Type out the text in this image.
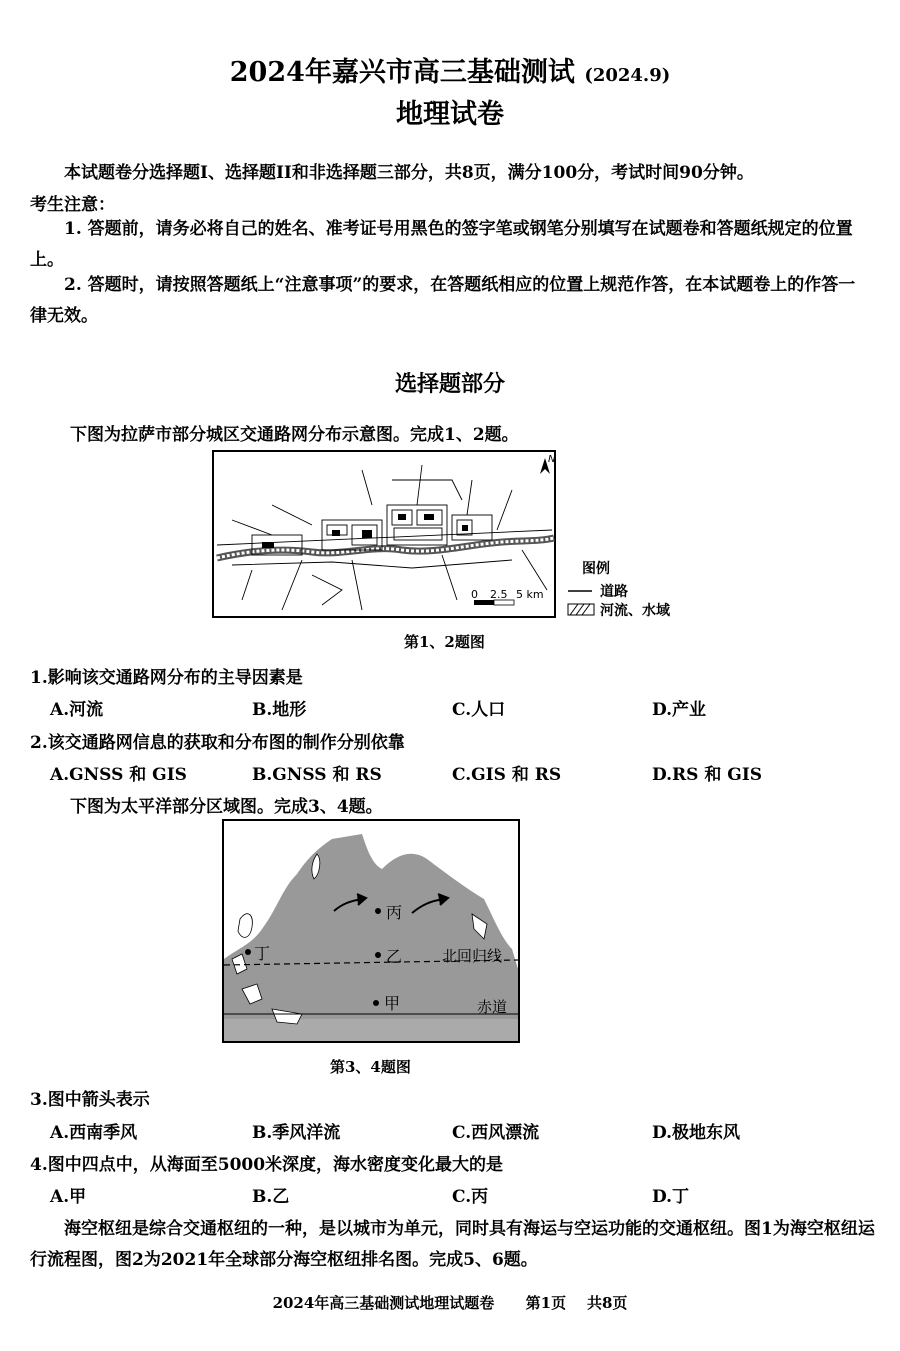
2024年嘉兴市高三基础测试 (2024.9)
地理试卷
本试题卷分选择题I、选择题II和非选择题三部分，共8页，满分100分，考试时间90分钟。
考生注意：
1. 答题前，请务必将自己的姓名、准考证号用黑色的签字笔或钢笔分别填写在试题卷和答题纸规定的位置上。
2. 答题时，请按照答题纸上“注意事项”的要求，在答题纸相应的位置上规范作答，在本试题卷上的作答一律无效。
选择题部分
下图为拉萨市部分城区交通路网分布示意图。完成1、2题。
N
0 2.5 5 km
图例
道路
河流、水域
第1、2题图
1.影响该交通路网分布的主导因素是
A.河流	B.地形	C.人口	D.产业
2.该交通路网信息的获取和分布图的制作分别依靠
A.GNSS 和 GIS	B.GNSS 和 RS	C.GIS 和 RS	D.RS 和 GIS
下图为太平洋部分区域图。完成3、4题。
丙
乙
甲
丁	北回归线
赤道
第3、4题图
3.图中箭头表示
A.西南季风	B.季风洋流	C.西风漂流	D.极地东风
4.图中四点中，从海面至5000米深度，海水密度变化最大的是
A.甲	B.乙	C.丙	D.丁
海空枢纽是综合交通枢纽的一种，是以城市为单元，同时具有海运与空运功能的交通枢纽。图1为海空枢纽运行流程图，图2为2021年全球部分海空枢纽排名图。完成5、6题。
2024年高三基础测试地理试题卷 第1页 共8页
